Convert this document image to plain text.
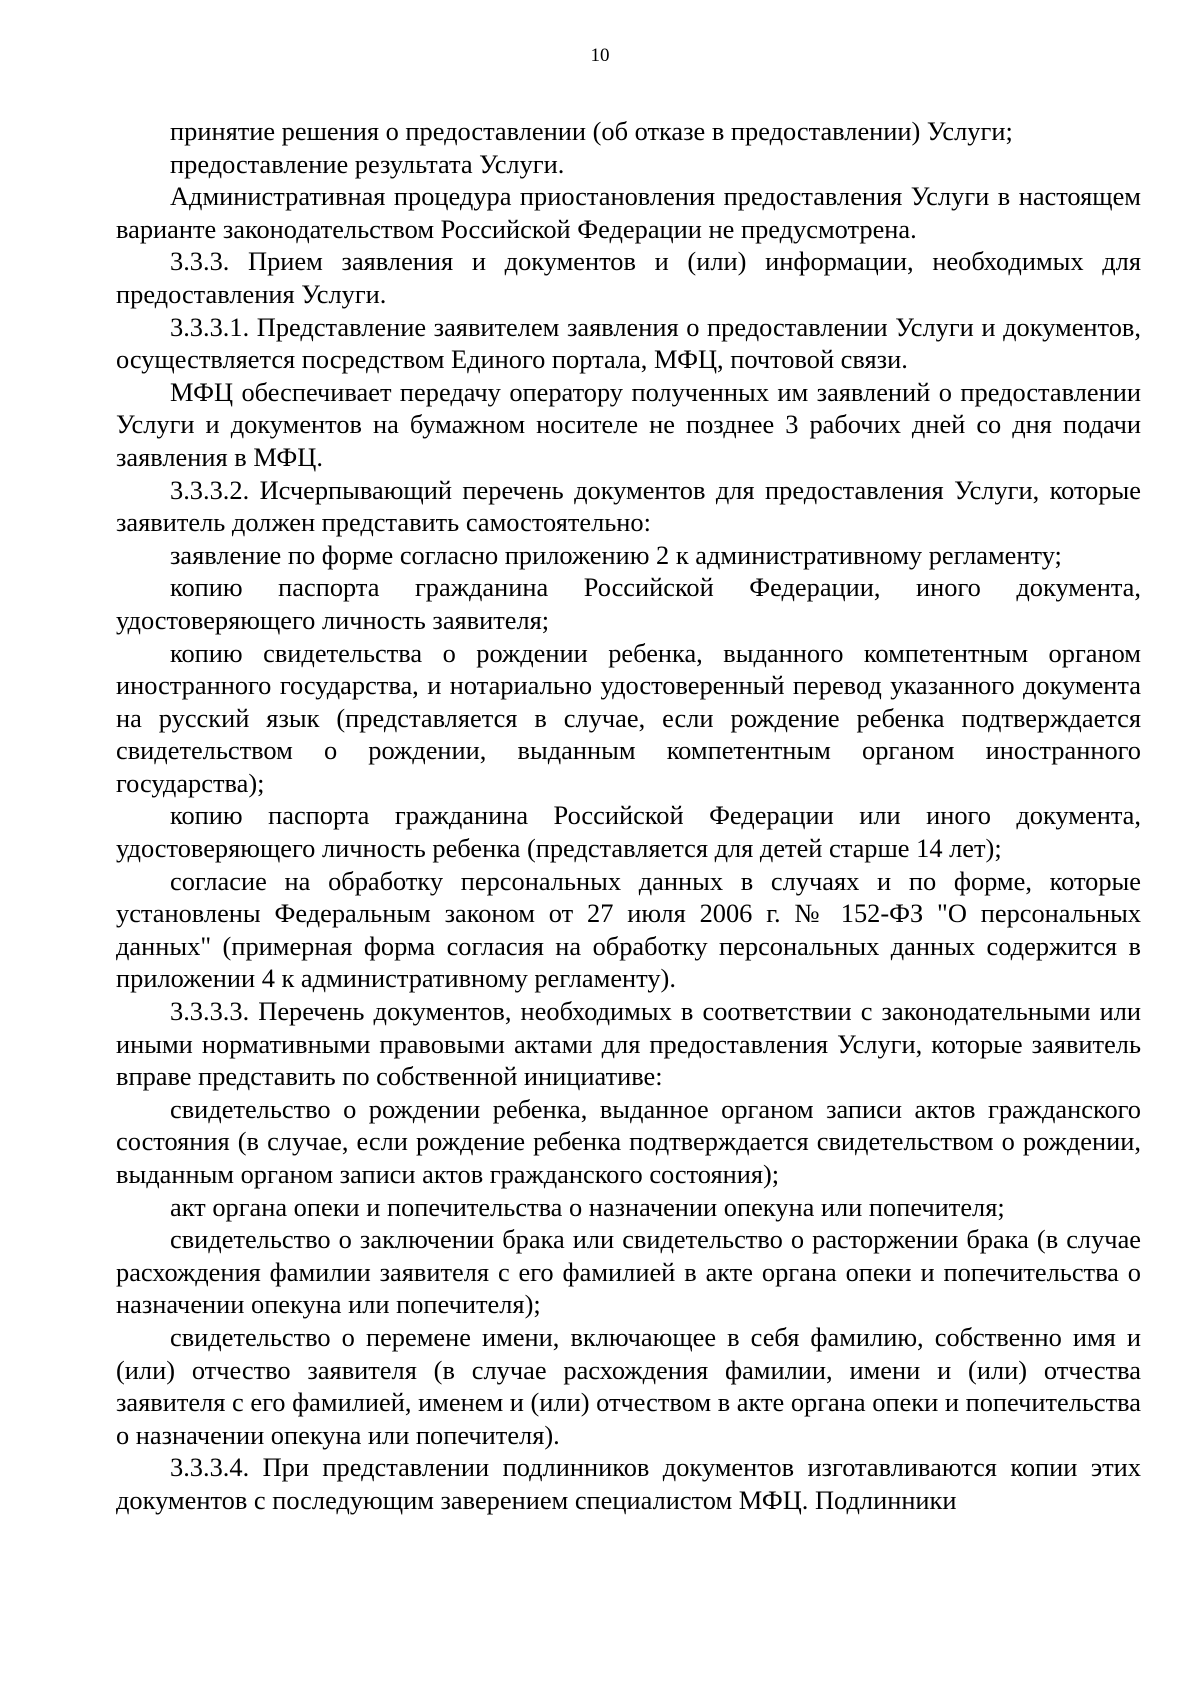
10

принятие решения о предоставлении (об отказе в предоставлении) Услуги;

предоставление результата Услуги.

Административная процедура приостановления предоставления Услуги в настоящем варианте законодательством Российской Федерации не предусмотрена.

3.3.3. Прием заявления и документов и (или) информации, необходимых для предоставления Услуги.

3.3.3.1. Представление заявителем заявления о предоставлении Услуги и документов, осуществляется посредством Единого портала, МФЦ, почтовой связи.

МФЦ обеспечивает передачу оператору полученных им заявлений о предоставлении Услуги и документов на бумажном носителе не позднее 3 рабочих дней со дня подачи заявления в МФЦ.

3.3.3.2. Исчерпывающий перечень документов для предоставления Услуги, которые заявитель должен представить самостоятельно:

заявление по форме согласно приложению 2 к административному регламенту;

копию паспорта гражданина Российской Федерации, иного документа, удостоверяющего личность заявителя;

копию свидетельства о рождении ребенка, выданного компетентным органом иностранного государства, и нотариально удостоверенный перевод указанного документа на русский язык (представляется в случае, если рождение ребенка подтверждается свидетельством о рождении, выданным компетентным органом иностранного государства);

копию паспорта гражданина Российской Федерации или иного документа, удостоверяющего личность ребенка (представляется для детей старше 14 лет);

согласие на обработку персональных данных в случаях и по форме, которые установлены Федеральным законом от 27 июля 2006 г. № 152-ФЗ "О персональных данных" (примерная форма согласия на обработку персональных данных содержится в приложении 4 к административному регламенту).

3.3.3.3. Перечень документов, необходимых в соответствии с законодательными или иными нормативными правовыми актами для предоставления Услуги, которые заявитель вправе представить по собственной инициативе:

свидетельство о рождении ребенка, выданное органом записи актов гражданского состояния (в случае, если рождение ребенка подтверждается свидетельством о рождении, выданным органом записи актов гражданского состояния);

акт органа опеки и попечительства о назначении опекуна или попечителя;

свидетельство о заключении брака или свидетельство о расторжении брака (в случае расхождения фамилии заявителя с его фамилией в акте органа опеки и попечительства о назначении опекуна или попечителя);

свидетельство о перемене имени, включающее в себя фамилию, собственно имя и (или) отчество заявителя (в случае расхождения фамилии, имени и (или) отчества заявителя с его фамилией, именем и (или) отчеством в акте органа опеки и попечительства о назначении опекуна или попечителя).

3.3.3.4. При представлении подлинников документов изготавливаются копии этих документов с последующим заверением специалистом МФЦ. Подлинники
